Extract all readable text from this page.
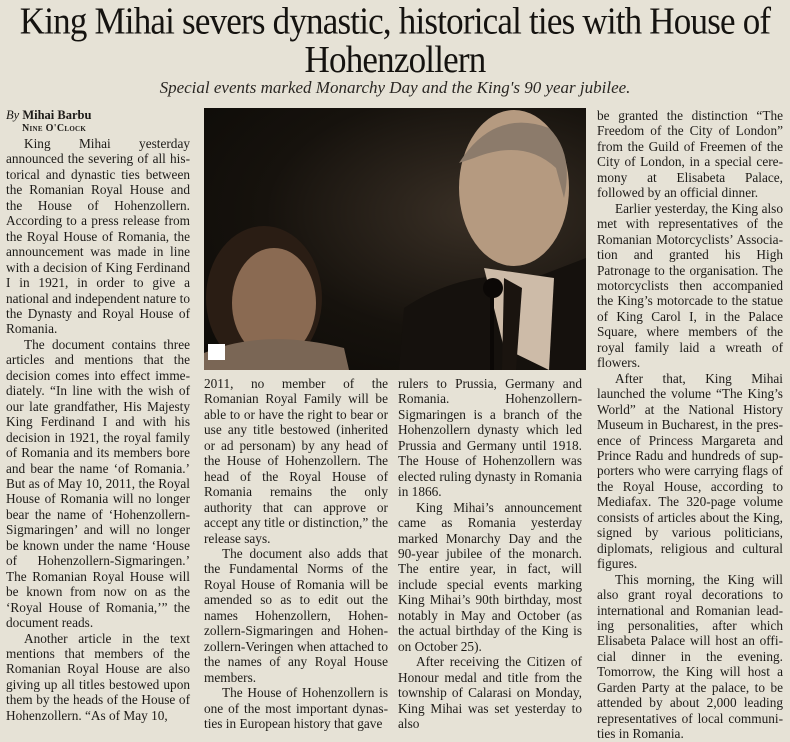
King Mihai severs dynastic, historical ties with House of Hohenzollern

Special events marked Monarchy Day and the King's 90 year jubilee.

By Mihai Barbu
Nine O'Clock

King Mihai yesterday announced the severing of all historical and dynastic ties between the Romanian Royal House and the House of Hohenzollern. According to a press release from the Royal House of Romania, the announcement was made in line with a decision of King Ferdinand I in 1921, in order to give a national and independent nature to the Dynasty and Royal House of Romania.

The document contains three articles and mentions that the decision comes into effect immediately. “In line with the wish of our late grandfather, His Majesty King Ferdinand I and with his decision in 1921, the royal family of Romania and its members bore and bear the name ‘of Romania.’ But as of May 10, 2011, the Royal House of Romania will no longer bear the name of ‘Hohenzollern-Sigmaringen’ and will no longer be known under the name ‘House of Hohenzollern-Sigmaringen.’ The Romanian Royal House will be known from now on as the ‘Royal House of Romania,’” the document reads.

Another article in the text mentions that members of the Romanian Royal House are also giving up all titles bestowed upon them by the heads of the House of Hohenzollern. “As of May 10,

2011, no member of the Romanian Royal Family will be able to or have the right to bear or use any title bestowed (inherited or ad personam) by any head of the House of Hohenzollern. The head of the Royal House of Romania remains the only authority that can approve or accept any title or distinction,” the release says.

The document also adds that the Fundamental Norms of the Royal House of Romania will be amended so as to edit out the names Hohenzollern, Hohenzollern-Sigmaringen and Hohenzollern-Veringen when attached to the names of any Royal House members.

The House of Hohenzollern is one of the most important dynasties in European history that gave

rulers to Prussia, Germany and Romania. Hohenzollern-Sigmaringen is a branch of the Hohenzollern dynasty which led Prussia and Germany until 1918. The House of Hohenzollern was elected ruling dynasty in Romania in 1866.

King Mihai’s announcement came as Romania yesterday marked Monarchy Day and the 90-year jubilee of the monarch. The entire year, in fact, will include special events marking King Mihai’s 90th birthday, most notably in May and October (as the actual birthday of the King is on October 25).

After receiving the Citizen of Honour medal and title from the township of Calarasi on Monday, King Mihai was set yesterday to also

be granted the distinction “The Freedom of the City of London” from the Guild of Freemen of the City of London, in a special ceremony at Elisabeta Palace, followed by an official dinner.

Earlier yesterday, the King also met with representatives of the Romanian Motorcyclists’ Association and granted his High Patronage to the organisation. The motorcyclists then accompanied the King’s motorcade to the statue of King Carol I, in the Palace Square, where members of the royal family laid a wreath of flowers.

After that, King Mihai launched the volume “The King’s World” at the National History Museum in Bucharest, in the presence of Princess Margareta and Prince Radu and hundreds of supporters who were carrying flags of the Royal House, according to Mediafax. The 320-page volume consists of articles about the King, signed by various politicians, diplomats, religious and cultural figures.

This morning, the King will also grant royal decorations to international and Romanian leading personalities, after which Elisabeta Palace will host an official dinner in the evening. Tomorrow, the King will host a Garden Party at the palace, to be attended by about 2,000 leading representatives of local communities in Romania.
